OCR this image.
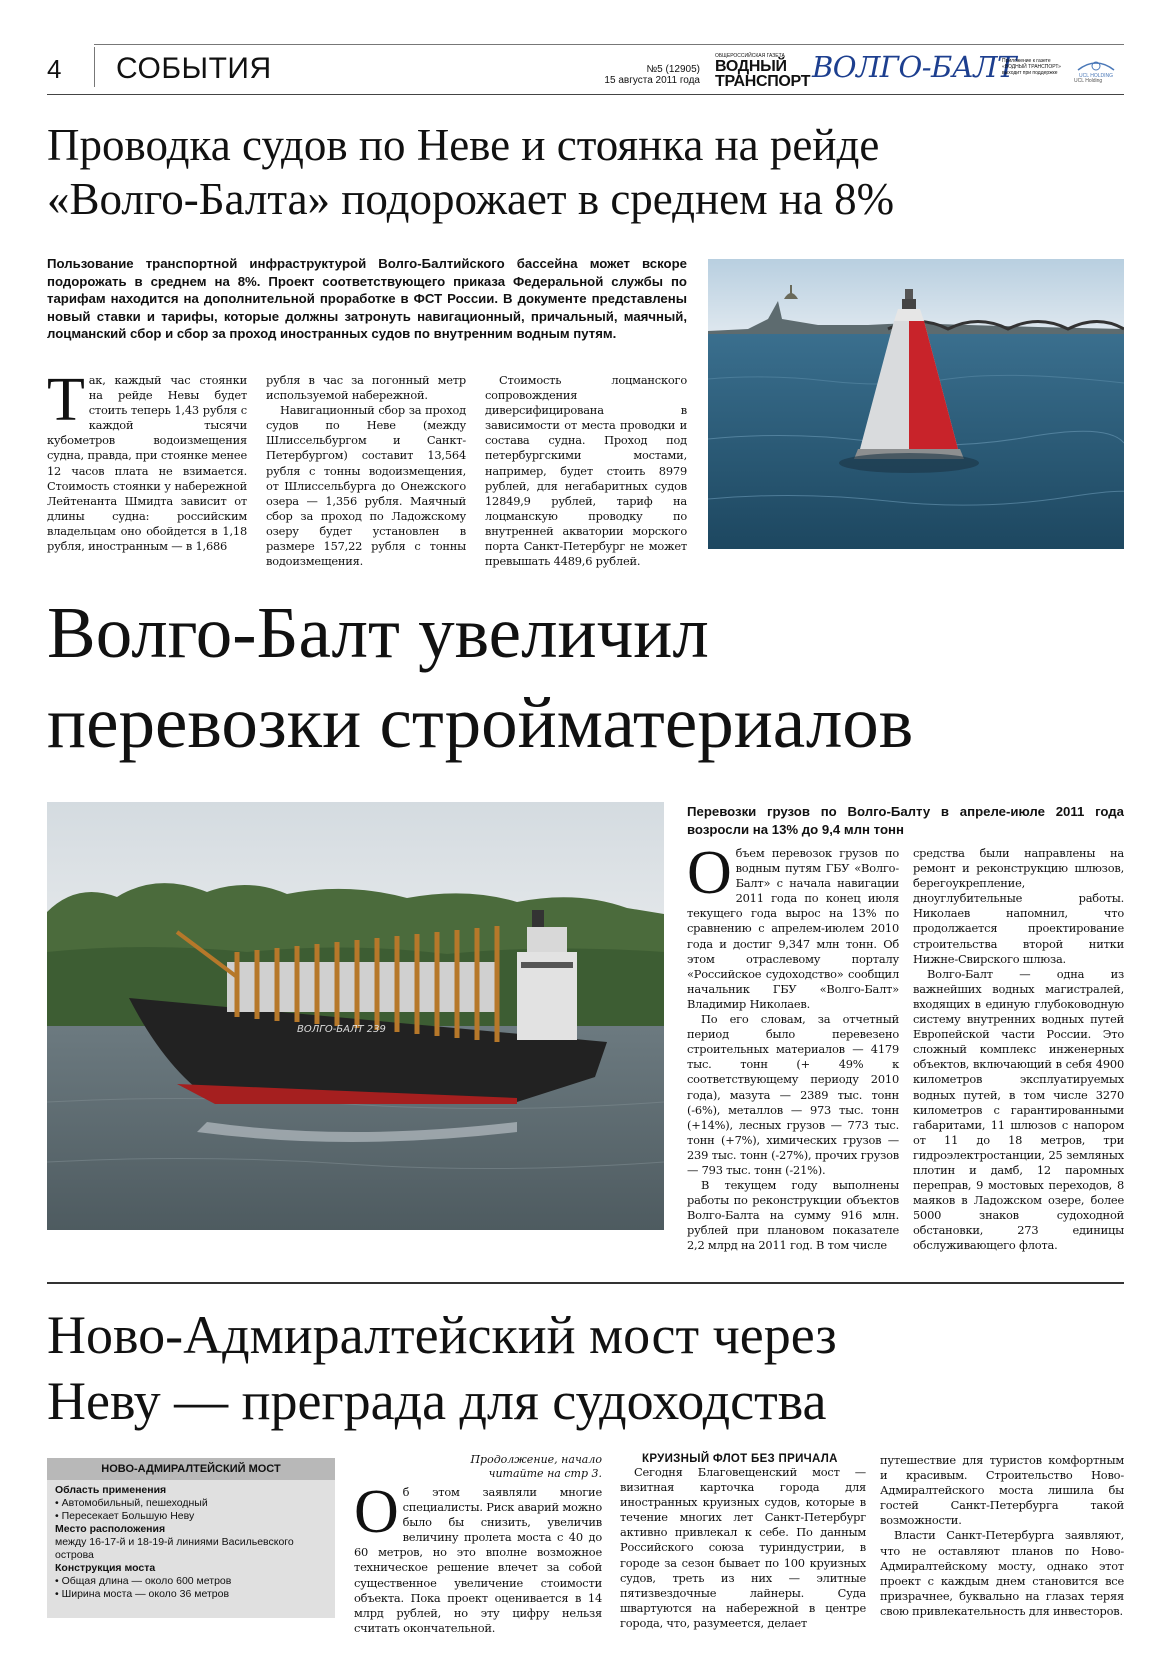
4 СОБЫТИЯ	№5 (12905)
15 августа 2011 года
ОБЩЕРОССИЙСКАЯ ГАЗЕТА
ВОДНЫЙ
ТРАНСПОРТ ВОЛГО-БАЛТ
Приложение к газете «ВОДНЫЙ ТРАНСПОРТ» выходит при поддержке	UCL HOLDING
UCL Holding
Проводка судов по Неве и стоянка на рейде
«Волго-Балта» подорожает в среднем на 8%

Пользование транспортной инфраструктурой Волго-Балтийского бассейна может вскоре подорожать в среднем на 8%. Проект соответствующего приказа Федеральной службы по тарифам находится на дополнительной проработке в ФСТ России. В документе представлены новый ставки и тарифы, которые должны затронуть навигационный, причальный, маячный, лоцманский сбор и сбор за проход иностранных судов по внутренним водным путям.

Т ак, каждый час стоянки на рейде Невы будет стоить теперь 1,43 рубля с каждой тысячи кубометров водоизмещения судна, правда, при стоянке менее 12 часов плата не взимается. Стоимость стоянки у набережной Лейтенанта Шмидта зависит от длины судна: российским владельцам оно обойдется в 1,18 рубля, иностранным — в 1,686

рубля в час за погонный метр используемой набережной.

Навигационный сбор за проход судов по Неве (между Шлиссельбургом и Санкт-Петербургом) составит 13,564 рубля с тонны водоизмещения, от Шлиссельбурга до Онежского озера — 1,356 рубля. Маячный сбор за проход по Ладожскому озеру будет установлен в размере 157,22 рубля с тонны водоизмещения.

Стоимость лоцманского сопровождения диверсифицирована в зависимости от места проводки и состава судна. Проход под петербургскими мостами, например, будет стоить 8979 рублей, для негабаритных судов 12849,9 рублей, тариф на лоцманскую проводку по внутренней акватории морского порта Санкт-Петербург не может превышать 4489,6 рублей.
Волго-Балт увеличил
перевозки стройматериалов
ВОЛГО-БАЛТ 239

Перевозки грузов по Волго-Балту в апреле-июле 2011 года возросли на 13% до 9,4 млн тонн

О бъем перевозок грузов по водным путям ГБУ «Волго-Балт» с начала навигации 2011 года по конец июля текущего года вырос на 13% по сравнению с апрелем-июлем 2010 года и достиг 9,347 млн тонн. Об этом отраслевому порталу «Российское судоходство» сообщил начальник ГБУ «Волго-Балт» Владимир Николаев.

По его словам, за отчетный период было перевезено строительных материалов — 4179 тыс. тонн (+ 49% к соответствующему периоду 2010 года), мазута — 2389 тыс. тонн (-6%), металлов — 973 тыс. тонн (+14%), лесных грузов — 773 тыс. тонн (+7%), химических грузов — 239 тыс. тонн (-27%), прочих грузов — 793 тыс. тонн (-21%).

В текущем году выполнены работы по реконструкции объектов Волго-Балта на сумму 916 млн. рублей при плановом показателе 2,2 млрд на 2011 год. В том числе

средства были направлены на ремонт и реконструкцию шлюзов, берегоукрепление, дноуглубительные работы. Николаев напомнил, что продолжается проектирование строительства второй нитки Нижне-Свирского шлюза.

Волго-Балт — одна из важнейших водных магистралей, входящих в единую глубоководную систему внутренних водных путей Европейской части России. Это сложный комплекс инженерных объектов, включающий в себя 4900 километров эксплуатируемых водных путей, в том числе 3270 километров с гарантированными габаритами, 11 шлюзов с напором от 11 до 18 метров, три гидроэлектростанции, 25 земляных плотин и дамб, 12 паромных переправ, 9 мостовых переходов, 8 маяков в Ладожском озере, более 5000 знаков судоходной обстановки, 273 единицы обслуживающего флота.

Ново-Адмиралтейский мост через
Неву — преграда для судоходства
НОВО-АДМИРАЛТЕЙСКИЙ МОСТ
Область применения
• Автомобильный, пешеходный
• Пересекает Большую Неву
Место расположения
между 16-17-й и 18-19-й линиями Васильевского острова
Конструкция моста
• Общая длина — около 600 метров
• Ширина моста — около 36 метров
Продолжение, начало читайте на стр 3.
О б этом заявляли многие специалисты. Риск аварий можно было бы снизить, увеличив величину пролета моста с 40 до 60 метров, но это вполне возможное техническое решение влечет за собой существенное увеличение стоимости объекта. Пока проект оценивается в 14 млрд рублей, но эту цифру нельзя считать окончательной.
КРУИЗНЫЙ ФЛОТ БЕЗ ПРИЧАЛА

Сегодня Благовещенский мост — визитная карточка города для иностранных круизных судов, которые в течение многих лет Санкт-Петербург активно привлекал к себе. По данным Российского союза туриндустрии, в городе за сезон бывает по 100 круизных судов, треть из них — элитные пятизвездочные лайнеры. Суда швартуются на набережной в центре города, что, разумеется, делает

путешествие для туристов комфортным и красивым. Строительство Ново-Адмиралтейского моста лишила бы гостей Санкт-Петербурга такой возможности.

Власти Санкт-Петербурга заявляют, что не оставляют планов по Ново-Адмиралтейскому мосту, однако этот проект с каждым днем становится все призрачнее, буквально на глазах теряя свою привлекательность для инвесторов.
